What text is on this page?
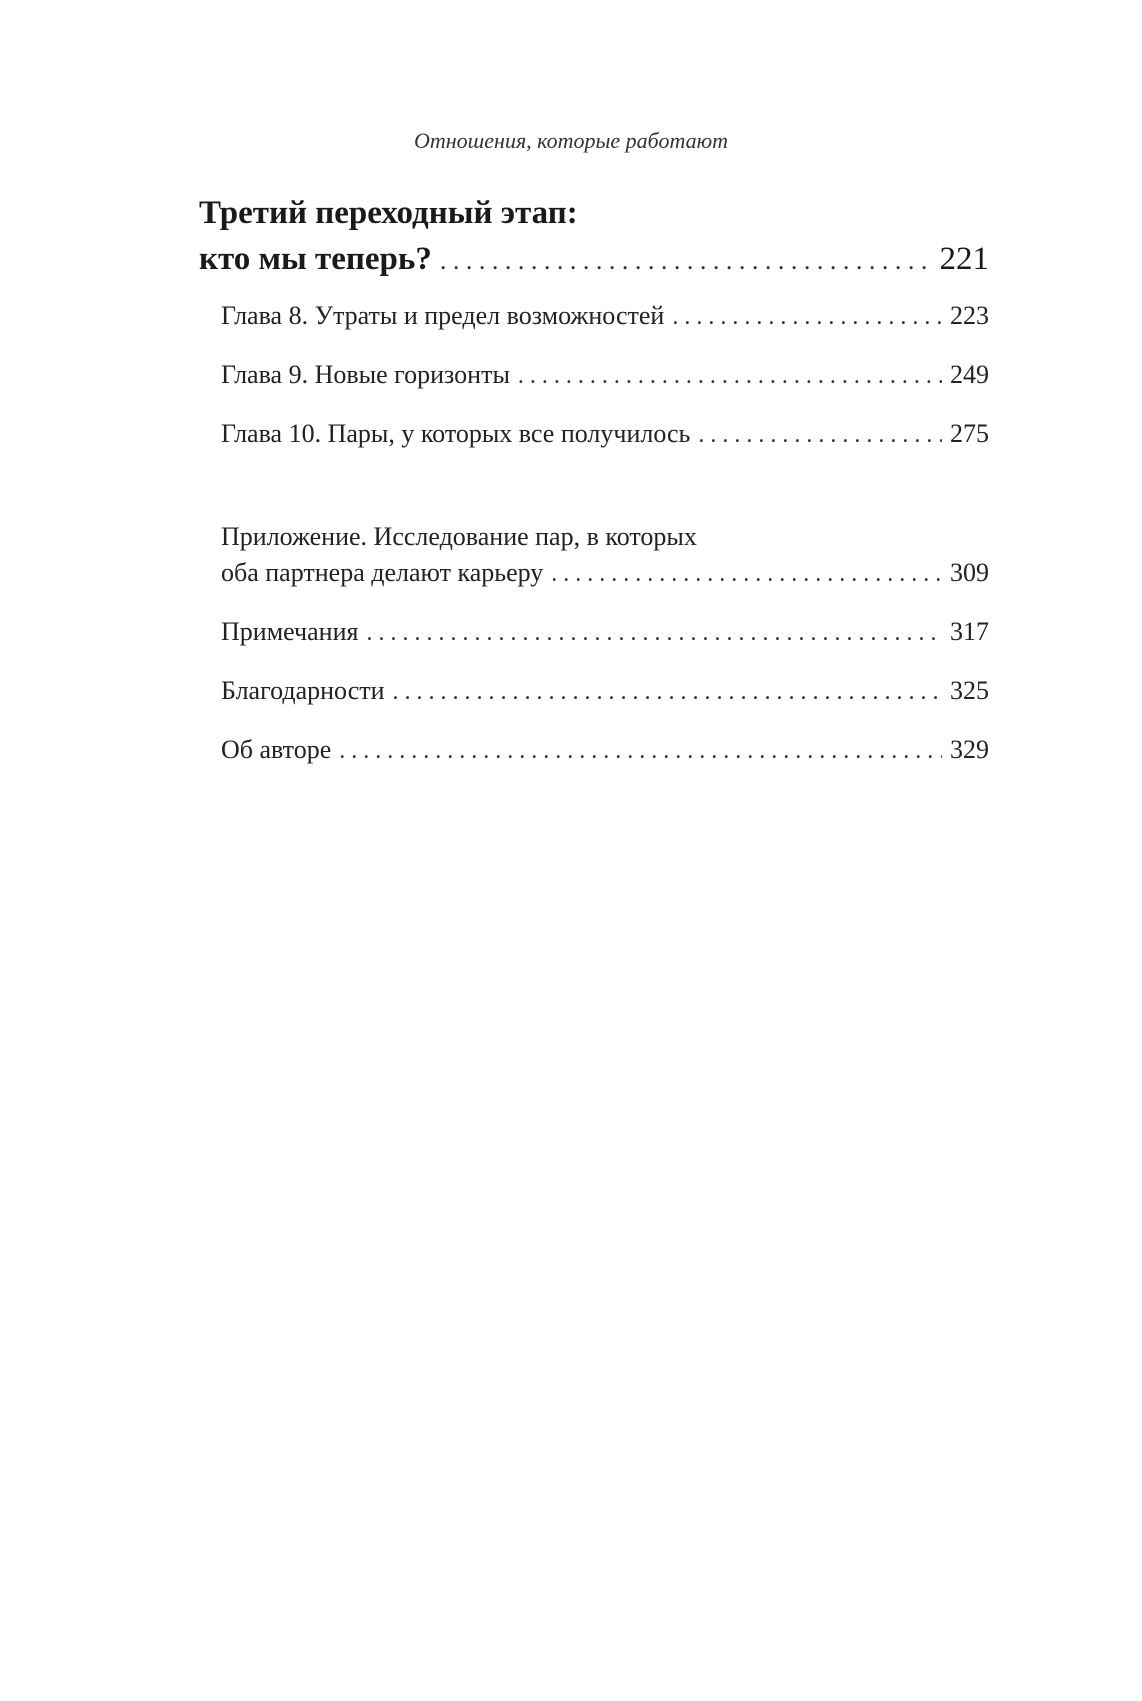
Отношения, которые работают
Третий переходный этап:
кто мы теперь? . . .	221
Глава 8. Утраты и предел возможностей . . .	223
Глава 9. Новые горизонты . . .	249
Глава 10. Пары, у которых все получилось . . .	275
Приложение. Исследование пар, в которых
оба партнера делают карьеру . . .	309
Примечания . . .	317
Благодарности . . .	325
Об авторе . . .	329
